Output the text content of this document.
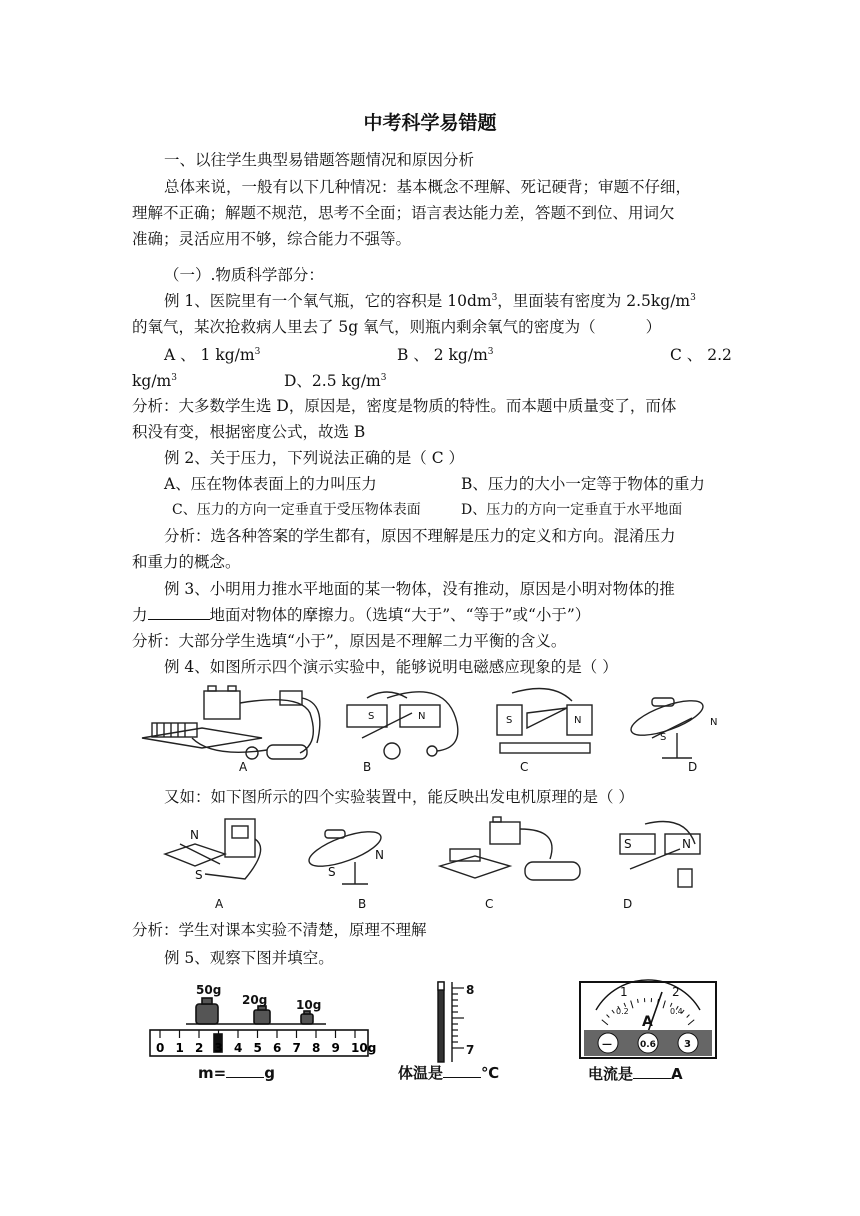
中考科学易错题
一、以往学生典型易错题答题情况和原因分析
总体来说，一般有以下几种情况：基本概念不理解、死记硬背；审题不仔细，
理解不正确；解题不规范，思考不全面；语言表达能力差，答题不到位、用词欠
准确；灵活应用不够，综合能力不强等。
（一）.物质科学部分：
例 1、医院里有一个氧气瓶，它的容积是 $10dm^3$，里面装有密度为 $2.5kg/m^3$
的氧气，某次抢救病人里去了 5g 氧气，则瓶内剩余氧气的密度为（	）
A 、 1 $kg/m^3$	B 、 2 $kg/m^3$	C 、 2.2
$kg/m^3$	D、2.5 $kg/m^3$
分析：大多数学生选 D，原因是，密度是物质的特性。而本题中质量变了，而体
积没有变，根据密度公式，故选 B
例 2、关于压力，下列说法正确的是（ C ）
A、压在物体表面上的力叫压力	B、压力的大小一定等于物体的重力
C、压力的方向一定垂直于受压物体表面	D、压力的方向一定垂直于水平地面
分析：选各种答案的学生都有，原因不理解是压力的定义和方向。混淆压力
和重力的概念。
例 3、小明用力推水平地面的某一物体，没有推动，原因是小明对物体的推
力	地面对物体的摩擦力。（选填“大于”、“等于”或“小于”）
分析：大部分学生选填“小于”，原因是不理解二力平衡的含义。
例 4、如图所示四个演示实验中，能够说明电磁感应现象的是（ ）
S	N	S	N
S
N
A	B	C	D
又如：如下图所示的四个实验装置中，能反映出发电机原理的是（ ）
N
S	S
N
S	N
A	B	C	D
分析：学生对课本实验不清楚，原理不理解
例 5、观察下图并填空。
0 1 2 3 4 5 6 7 8 9 10g
50g
20g 10g
m=	g
8
7
体温是	℃
1	2
0.2	0.4
A
—	0.6	3
电流是	A
